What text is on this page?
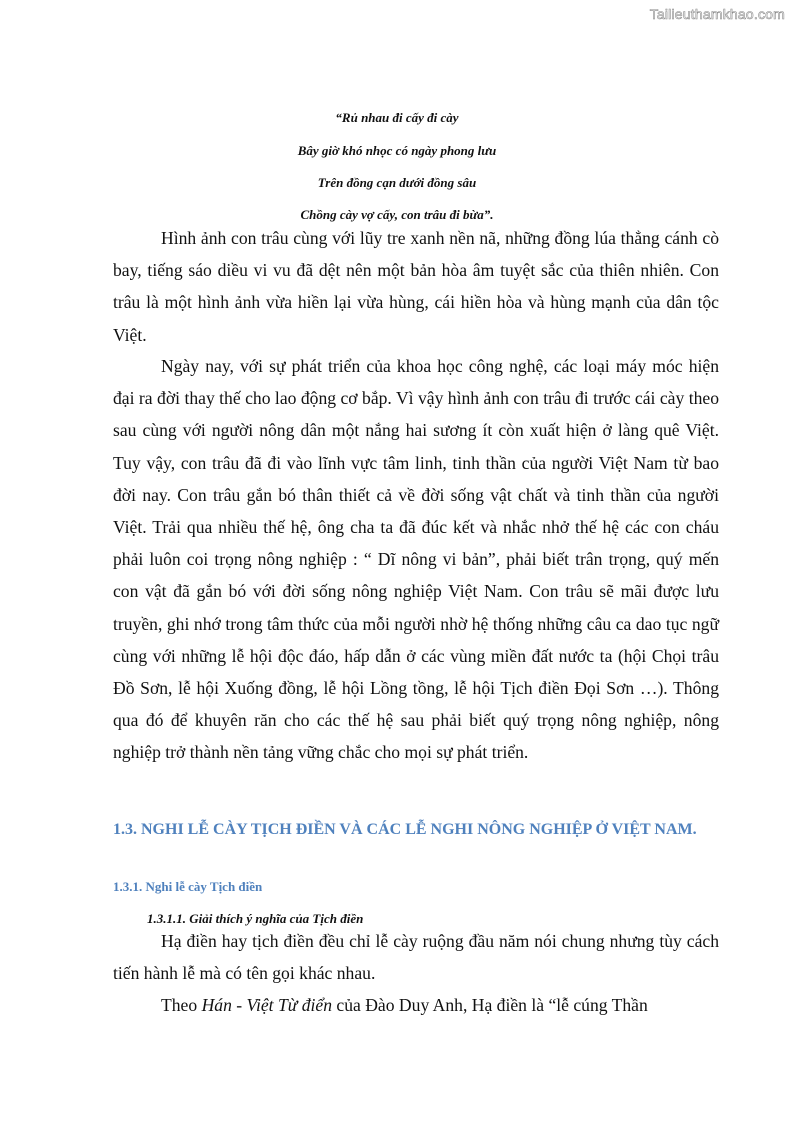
Tailieuthamkhao.com
“Rủ nhau đi cấy đi cày
Bây giờ khó nhọc có ngày phong lưu
Trên đồng cạn dưới đồng sâu
Chồng cày vợ cấy, con trâu đi bừa”.

Hình ảnh con trâu cùng với lũy tre xanh nền nã, những đồng lúa thẳng cánh cò bay, tiếng sáo diều vi vu đã dệt nên một bản hòa âm tuyệt sắc của thiên nhiên. Con trâu là một hình ảnh vừa hiền lại vừa hùng, cái hiền hòa và hùng mạnh của dân tộc Việt.

Ngày nay, với sự phát triển của khoa học công nghệ, các loại máy móc hiện đại ra đời thay thế cho lao động cơ bắp. Vì vậy hình ảnh con trâu đi trước cái cày theo sau cùng với người nông dân một nắng hai sương ít còn xuất hiện ở làng quê Việt. Tuy vậy, con trâu đã đi vào lĩnh vực tâm linh, tinh thần của người Việt Nam từ bao đời nay. Con trâu gắn bó thân thiết cả về đời sống vật chất và tinh thần của người Việt. Trải qua nhiều thế hệ, ông cha ta đã đúc kết và nhắc nhở thế hệ các con cháu phải luôn coi trọng nông nghiệp : “ Dĩ nông vi bản”, phải biết trân trọng, quý mến con vật đã gắn bó với đời sống nông nghiệp Việt Nam. Con trâu sẽ mãi được lưu truyền, ghi nhớ trong tâm thức của mỗi người nhờ hệ thống những câu ca dao tục ngữ cùng với những lễ hội độc đáo, hấp dẫn ở các vùng miền đất nước ta (hội Chọi trâu Đồ Sơn, lễ hội Xuống đồng, lễ hội Lồng tồng, lễ hội Tịch điền Đọi Sơn …). Thông qua đó để khuyên răn cho các thế hệ sau phải biết quý trọng nông nghiệp, nông nghiệp trở thành nền tảng vững chắc cho mọi sự phát triển.

1.3. NGHI LỄ CÀY TỊCH ĐIỀN VÀ CÁC LỄ NGHI NÔNG NGHIỆP Ở VIỆT NAM.
1.3.1. Nghi lễ cày Tịch điền
1.3.1.1. Giải thích ý nghĩa của Tịch điền

Hạ điền hay tịch điền đều chỉ lễ cày ruộng đầu năm nói chung nhưng tùy cách tiến hành lễ mà có tên gọi khác nhau.

Theo Hán - Việt Từ điển của Đào Duy Anh, Hạ điền là “lễ cúng Thần
